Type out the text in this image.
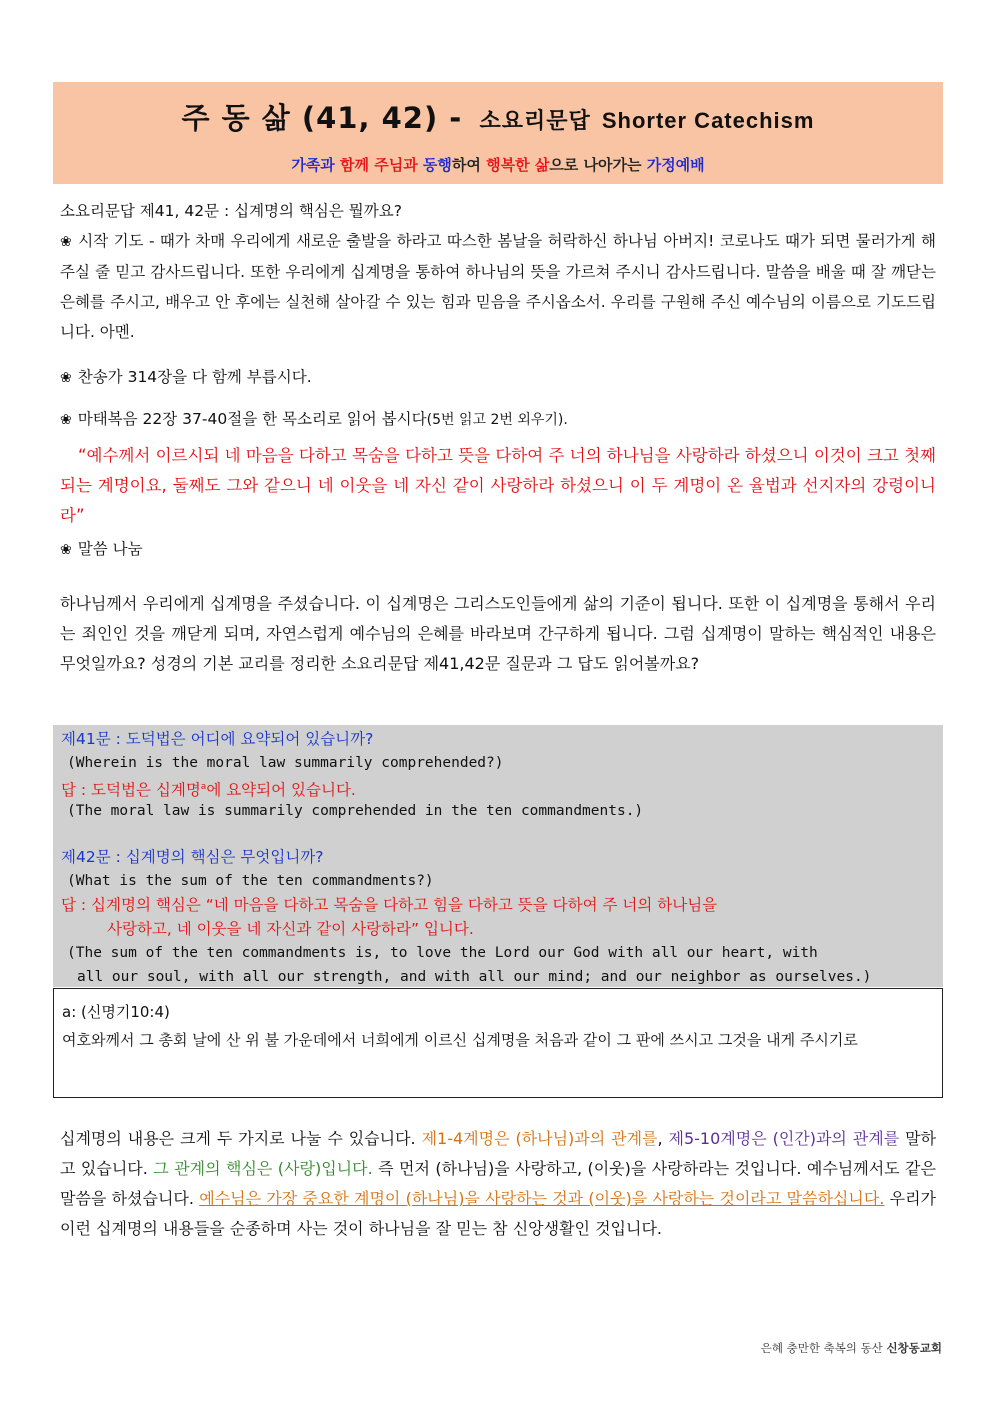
주 동 삶 (41, 42) - 소요리문답 Shorter Catechism
가족과 함께 주님과 동행하여 행복한 삶으로 나아가는 가정예배
소요리문답 제41, 42문 : 십계명의 핵심은 뭘까요?
❀ 시작 기도 - 때가 차매 우리에게 새로운 출발을 하라고 따스한 봄날을 허락하신 하나님 아버지! 코로나도 때가 되면 물러가게 해주실 줄 믿고 감사드립니다. 또한 우리에게 십계명을 통하여 하나님의 뜻을 가르쳐 주시니 감사드립니다. 말씀을 배울 때 잘 깨닫는 은혜를 주시고, 배우고 안 후에는 실천해 살아갈 수 있는 힘과 믿음을 주시옵소서. 우리를 구원해 주신 예수님의 이름으로 기도드립니다. 아멘.
❀ 찬송가 314장을 다 함께 부릅시다.
❀ 마태복음 22장 37-40절을 한 목소리로 읽어 봅시다(5번 읽고 2번 외우기).
“예수께서 이르시되 네 마음을 다하고 목숨을 다하고 뜻을 다하여 주 너의 하나님을 사랑하라 하셨으니 이것이 크고 첫째 되는 계명이요, 둘째도 그와 같으니 네 이웃을 네 자신 같이 사랑하라 하셨으니 이 두 계명이 온 율법과 선지자의 강령이니라”
❀ 말씀 나눔
하나님께서 우리에게 십계명을 주셨습니다. 이 십계명은 그리스도인들에게 삶의 기준이 됩니다. 또한 이 십계명을 통해서 우리는 죄인인 것을 깨닫게 되며, 자연스럽게 예수님의 은혜를 바라보며 간구하게 됩니다. 그럼 십계명이 말하는 핵심적인 내용은 무엇일까요? 성경의 기본 교리를 정리한 소요리문답 제41,42문 질문과 그 답도 읽어볼까요?
제41문 : 도덕법은 어디에 요약되어 있습니까?
(Wherein is the moral law summarily comprehended?)
답 : 도덕법은 십계명$^a$에 요약되어 있습니다.
(The moral law is summarily comprehended in the ten commandments.)
제42문 : 십계명의 핵심은 무엇입니까?
(What is the sum of the ten commandments?)
답 : 십계명의 핵심은 “네 마음을 다하고 목숨을 다하고 힘을 다하고 뜻을 다하여 주 너의 하나님을
사랑하고, 네 이웃을 네 자신과 같이 사랑하라” 입니다.
(The sum of the ten commandments is, to love the Lord our God with all our heart, with
all our soul, with all our strength, and with all our mind; and our neighbor as ourselves.)
a: (신명기10:4)
여호와께서 그 총회 날에 산 위 불 가운데에서 너희에게 이르신 십계명을 처음과 같이 그 판에 쓰시고 그것을 내게 주시기로
십계명의 내용은 크게 두 가지로 나눌 수 있습니다. 제1-4계명은 (하나님)과의 관계를, 제5-10계명은 (인간)과의 관계를 말하고 있습니다. 그 관계의 핵심은 (사랑)입니다. 즉 먼저 (하나님)을 사랑하고, (이웃)을 사랑하라는 것입니다. 예수님께서도 같은 말씀을 하셨습니다. 예수님은 가장 중요한 계명이 (하나님)을 사랑하는 것과 (이웃)을 사랑하는 것이라고 말씀하십니다. 우리가 이런 십계명의 내용들을 순종하며 사는 것이 하나님을 잘 믿는 참 신앙생활인 것입니다.
은혜 충만한 축복의 동산 신창동교회
